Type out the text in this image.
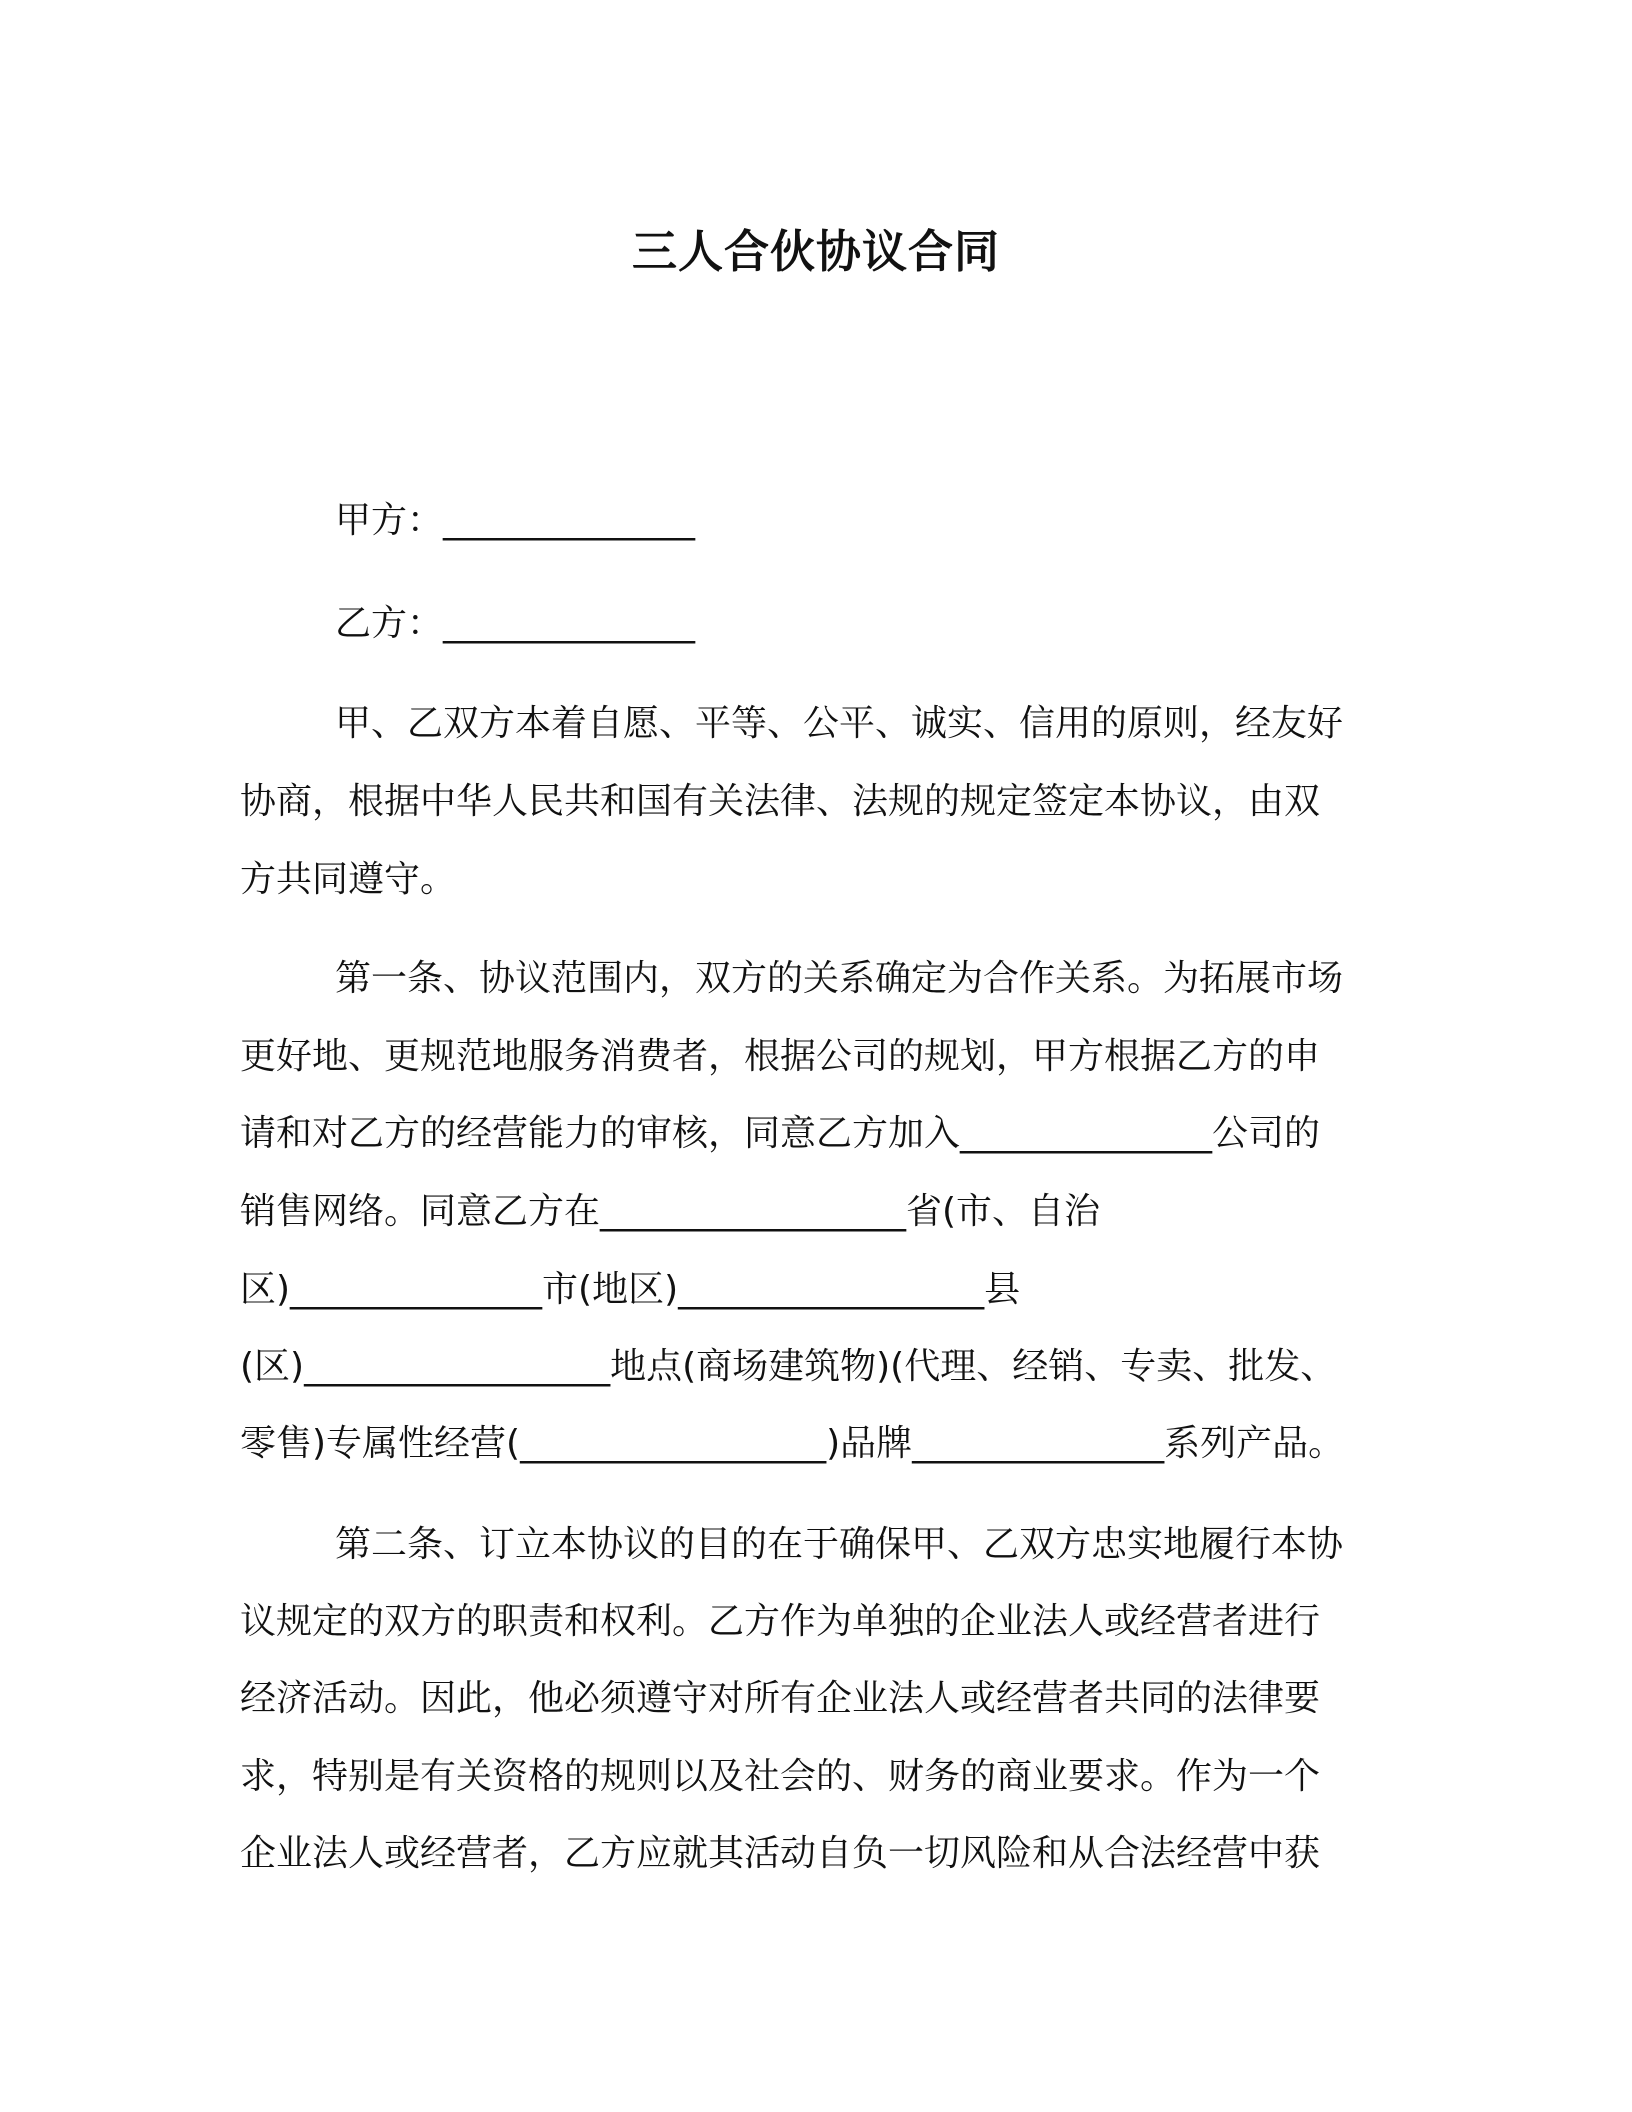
三人合伙协议合同
甲方：______________
乙方：______________
甲、乙双方本着自愿、平等、公平、诚实、信用的原则，经友好
协商，根据中华人民共和国有关法律、法规的规定签定本协议，由双
方共同遵守。
第一条、协议范围内，双方的关系确定为合作关系。为拓展市场
更好地、更规范地服务消费者，根据公司的规划，甲方根据乙方的申
请和对乙方的经营能力的审核，同意乙方加入______________公司的
销售网络。同意乙方在_________________省(市、自治
区)______________市(地区)_________________县
(区)_________________地点(商场建筑物)(代理、经销、专卖、批发、
零售)专属性经营(_________________)品牌______________系列产品。
第二条、订立本协议的目的在于确保甲、乙双方忠实地履行本协
议规定的双方的职责和权利。乙方作为单独的企业法人或经营者进行
经济活动。因此，他必须遵守对所有企业法人或经营者共同的法律要
求，特别是有关资格的规则以及社会的、财务的商业要求。作为一个
企业法人或经营者，乙方应就其活动自负一切风险和从合法经营中获
